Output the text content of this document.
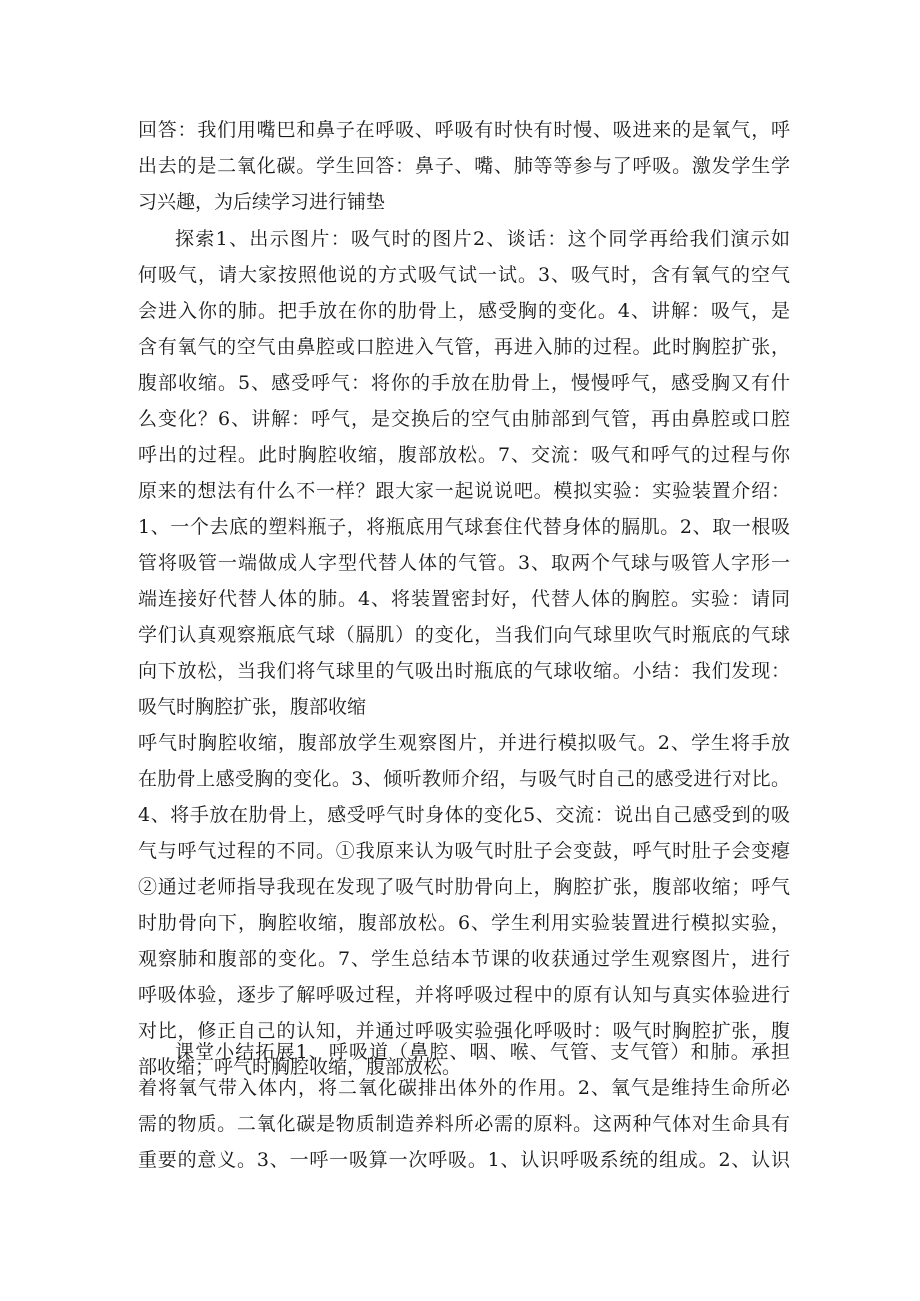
回答：我们用嘴巴和鼻子在呼吸、呼吸有时快有时慢、吸进来的是氧气，呼
出去的是二氧化碳。学生回答：鼻子、嘴、肺等等参与了呼吸。激发学生学
习兴趣，为后续学习进行铺垫
探索1、出示图片：吸气时的图片2、谈话：这个同学再给我们演示如
何吸气，请大家按照他说的方式吸气试一试。3、吸气时，含有氧气的空气
会进入你的肺。把手放在你的肋骨上，感受胸的变化。4、讲解：吸气，是
含有氧气的空气由鼻腔或口腔进入气管，再进入肺的过程。此时胸腔扩张，
腹部收缩。5、感受呼气：将你的手放在肋骨上，慢慢呼气，感受胸又有什
么变化？6、讲解：呼气，是交换后的空气由肺部到气管，再由鼻腔或口腔
呼出的过程。此时胸腔收缩，腹部放松。7、交流：吸气和呼气的过程与你
原来的想法有什么不一样？跟大家一起说说吧。模拟实验：实验装置介绍：
1、一个去底的塑料瓶子，将瓶底用气球套住代替身体的膈肌。2、取一根吸
管将吸管一端做成人字型代替人体的气管。3、取两个气球与吸管人字形一
端连接好代替人体的肺。4、将装置密封好，代替人体的胸腔。实验：请同
学们认真观察瓶底气球（膈肌）的变化，当我们向气球里吹气时瓶底的气球
向下放松，当我们将气球里的气吸出时瓶底的气球收缩。小结：我们发现：
吸气时胸腔扩张，腹部收缩
呼气时胸腔收缩，腹部放学生观察图片，并进行模拟吸气。2、学生将手放
在肋骨上感受胸的变化。3、倾听教师介绍，与吸气时自己的感受进行对比。
4、将手放在肋骨上，感受呼气时身体的变化5、交流：说出自己感受到的吸
气与呼气过程的不同。①我原来认为吸气时肚子会变鼓，呼气时肚子会变瘪
②通过老师指导我现在发现了吸气时肋骨向上，胸腔扩张，腹部收缩；呼气
时肋骨向下，胸腔收缩，腹部放松。6、学生利用实验装置进行模拟实验，
观察肺和腹部的变化。7、学生总结本节课的收获通过学生观察图片，进行
呼吸体验，逐步了解呼吸过程，并将呼吸过程中的原有认知与真实体验进行
对比，修正自己的认知，并通过呼吸实验强化呼吸时：吸气时胸腔扩张，腹
部收缩；呼气时胸腔收缩，腹部放松。
课堂小结拓展1、呼吸道（鼻腔、咽、喉、气管、支气管）和肺。承担
着将氧气带入体内，将二氧化碳排出体外的作用。2、氧气是维持生命所必
需的物质。二氧化碳是物质制造养料所必需的原料。这两种气体对生命具有
重要的意义。3、一呼一吸算一次呼吸。1、认识呼吸系统的组成。2、认识
